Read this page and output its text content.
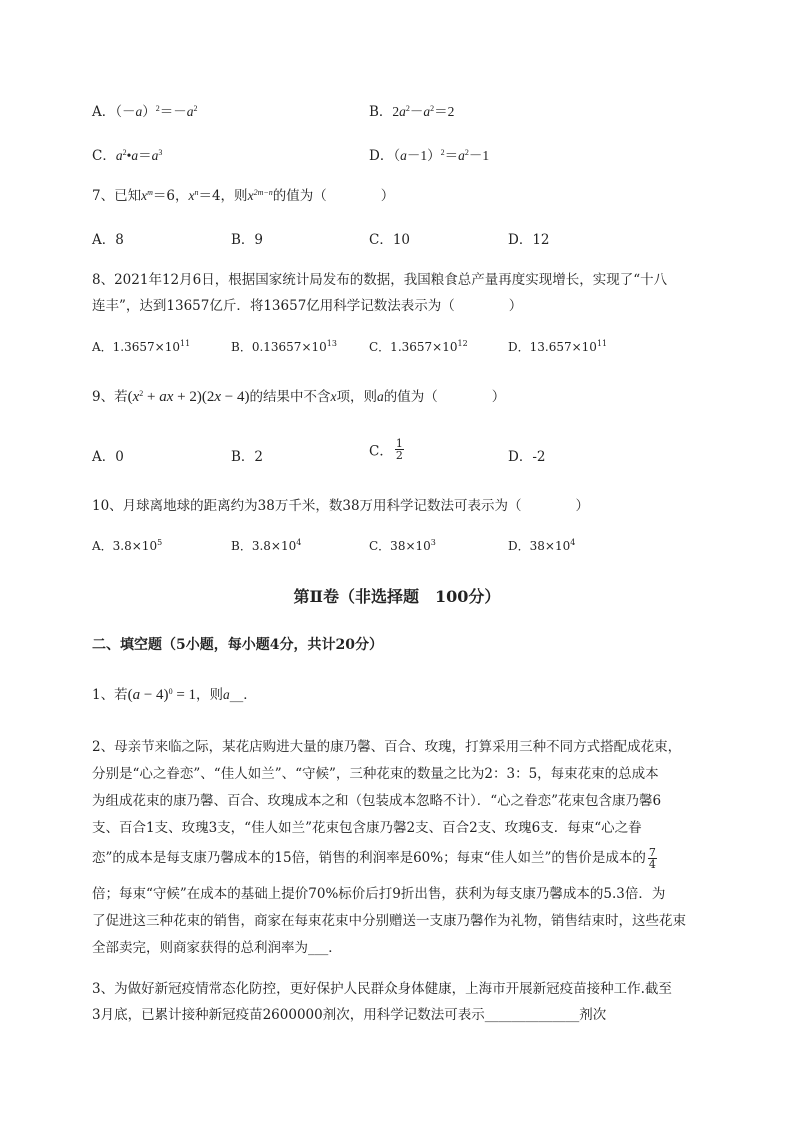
A．$(-a)^2=-a^2$	B．$2a^2-a^2=2$
C．$a^2•a=a^3$	D．$(a-1)^2=a^2-1$
7、已知$x^m=6$，$x^n=4$，则$x^{2m-n}$的值为（　　　　）
A．8	B．9	C．10	D．12
8、2021年12月6日，根据国家统计局发布的数据，我国粮食总产量再度实现增长，实现了“十八
连丰”，达到13657亿斤．将13657亿用科学记数法表示为（　　　　）
A．$1.3657\times 10^{11}$	B．$0.13657\times 10^{13}$	C．$1.3657\times 10^{12}$	D．$13.657\times 10^{11}$
9、若($x^2$ + ax + 2)(2x − 4)的结果中不含x项，则a的值为（　　　　）
A．0	B．2	C． $\frac{1}{2}$	D．-2
10、月球离地球的距离约为38万千米，数38万用科学记数法可表示为（　　　　）
A．$3.8\times 10^5$	B．$3.8\times 10^4$	C．$38\times 10^3$	D．$38\times 10^4$
第Ⅱ卷（非选择题　100分）
二、填空题（5小题，每小题4分，共计20分）
1、若$(a - 4)^0 = 1$，则a__．
2、母亲节来临之际，某花店购进大量的康乃馨、百合、玫瑰，打算采用三种不同方式搭配成花束，
分别是“心之眷恋”、“佳人如兰”、“守候”，三种花束的数量之比为2：3：5，每束花束的总成本
为组成花束的康乃馨、百合、玫瑰成本之和（包装成本忽略不计）．“心之眷恋”花束包含康乃馨6
支、百合1支、玫瑰3支，“佳人如兰”花束包含康乃馨2支、百合2支、玫瑰6支．每束“心之眷
恋”的成本是每支康乃馨成本的15倍，销售的利润率是60%；每束“佳人如兰”的售价是成本的 $\frac{7}{4}$
倍；每束“守候”在成本的基础上提价70%标价后打9折出售，获利为每支康乃馨成本的5.3倍．为
了促进这三种花束的销售，商家在每束花束中分别赠送一支康乃馨作为礼物，销售结束时，这些花束
全部卖完，则商家获得的总利润率为___．
3、为做好新冠疫情常态化防控，更好保护人民群众身体健康，上海市开展新冠疫苗接种工作.截至
3月底，已累计接种新冠疫苗2600000剂次，用科学记数法可表示______________剂次
